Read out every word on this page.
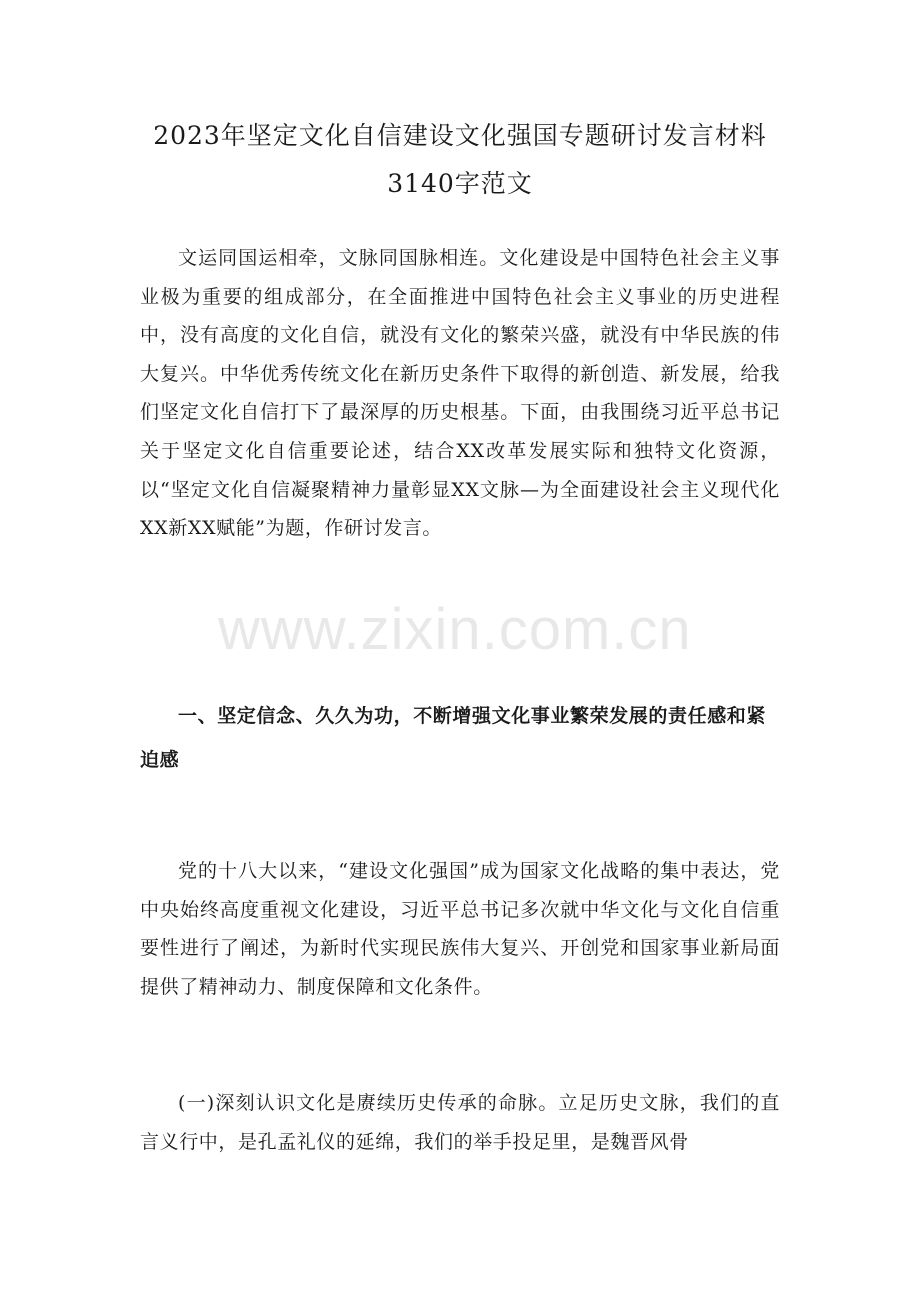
2023年坚定文化自信建设文化强国专题研讨发言材料3140字范文

文运同国运相牵，文脉同国脉相连。文化建设是中国特色社会主义事业极为重要的组成部分，在全面推进中国特色社会主义事业的历史进程中，没有高度的文化自信，就没有文化的繁荣兴盛，就没有中华民族的伟大复兴。中华优秀传统文化在新历史条件下取得的新创造、新发展，给我们坚定文化自信打下了最深厚的历史根基。下面，由我围绕习近平总书记关于坚定文化自信重要论述，结合XX改革发展实际和独特文化资源，以“坚定文化自信凝聚精神力量彰显XX文脉—为全面建设社会主义现代化XX新XX赋能”为题，作研讨发言。

一、坚定信念、久久为功，不断增强文化事业繁荣发展的责任感和紧迫感

党的十八大以来，“建设文化强国”成为国家文化战略的集中表达，党中央始终高度重视文化建设，习近平总书记多次就中华文化与文化自信重要性进行了阐述，为新时代实现民族伟大复兴、开创党和国家事业新局面提供了精神动力、制度保障和文化条件。

(一)深刻认识文化是赓续历史传承的命脉。立足历史文脉，我们的直言义行中，是孔孟礼仪的延绵，我们的举手投足里，是魏晋风骨

www.zixin.com.cn
